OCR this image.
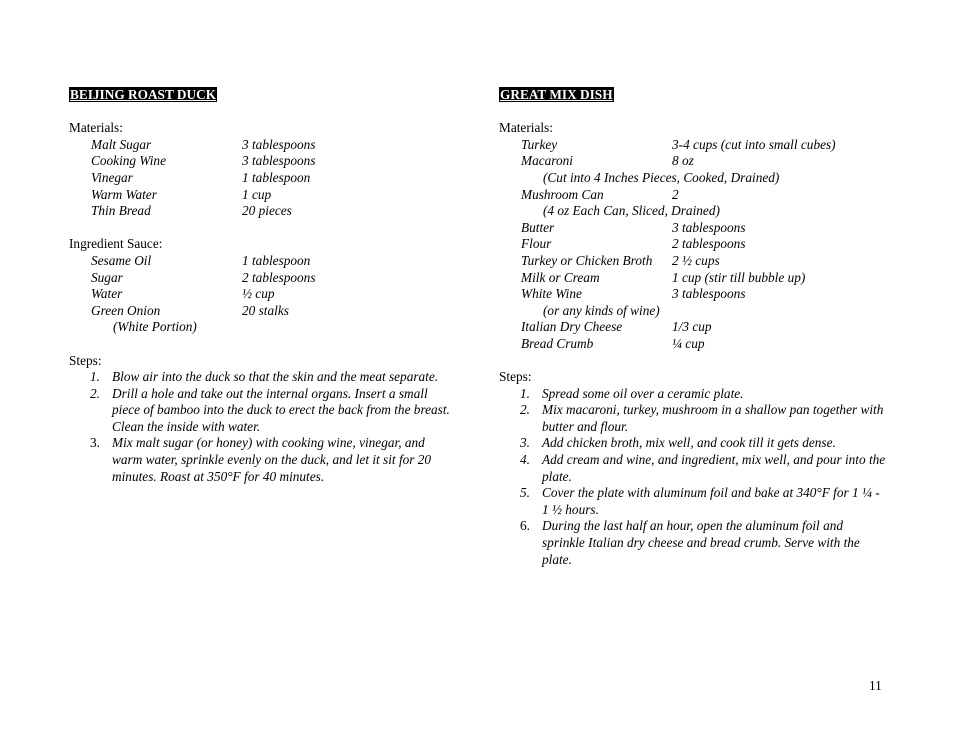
BEIJING ROAST DUCK
Materials:
Malt Sugar	3 tablespoons
Cooking Wine	3 tablespoons
Vinegar	1 tablespoon
Warm Water	1 cup
Thin Bread	20 pieces
Ingredient Sauce:
Sesame Oil	1 tablespoon
Sugar	2 tablespoons
Water	½ cup
Green Onion	20 stalks
(White Portion)
Steps:
1. Blow air into the duck so that the skin and the meat separate.
2. Drill a hole and take out the internal organs. Insert a small piece of bamboo into the duck to erect the back from the breast. Clean the inside with water.
3. Mix malt sugar (or honey) with cooking wine, vinegar, and warm water, sprinkle evenly on the duck, and let it sit for 20 minutes. Roast at 350°F for 40 minutes.
GREAT MIX DISH
Materials:
Turkey	3-4 cups (cut into small cubes)
Macaroni	8 oz
(Cut into 4 Inches Pieces, Cooked, Drained)
Mushroom Can	2
(4 oz Each Can, Sliced, Drained)
Butter	3 tablespoons
Flour	2 tablespoons
Turkey or Chicken Broth	2 ½ cups
Milk or Cream	1 cup (stir till bubble up)
White Wine	3 tablespoons
(or any kinds of wine)
Italian Dry Cheese	1/3 cup
Bread Crumb	¼ cup
Steps:
1. Spread some oil over a ceramic plate.
2. Mix macaroni, turkey, mushroom in a shallow pan together with butter and flour.
3. Add chicken broth, mix well, and cook till it gets dense.
4. Add cream and wine, and ingredient, mix well, and pour into the plate.
5. Cover the plate with aluminum foil and bake at 340°F for 1 ¼ - 1 ½ hours.
6. During the last half an hour, open the aluminum foil and sprinkle Italian dry cheese and bread crumb. Serve with the plate.
11
